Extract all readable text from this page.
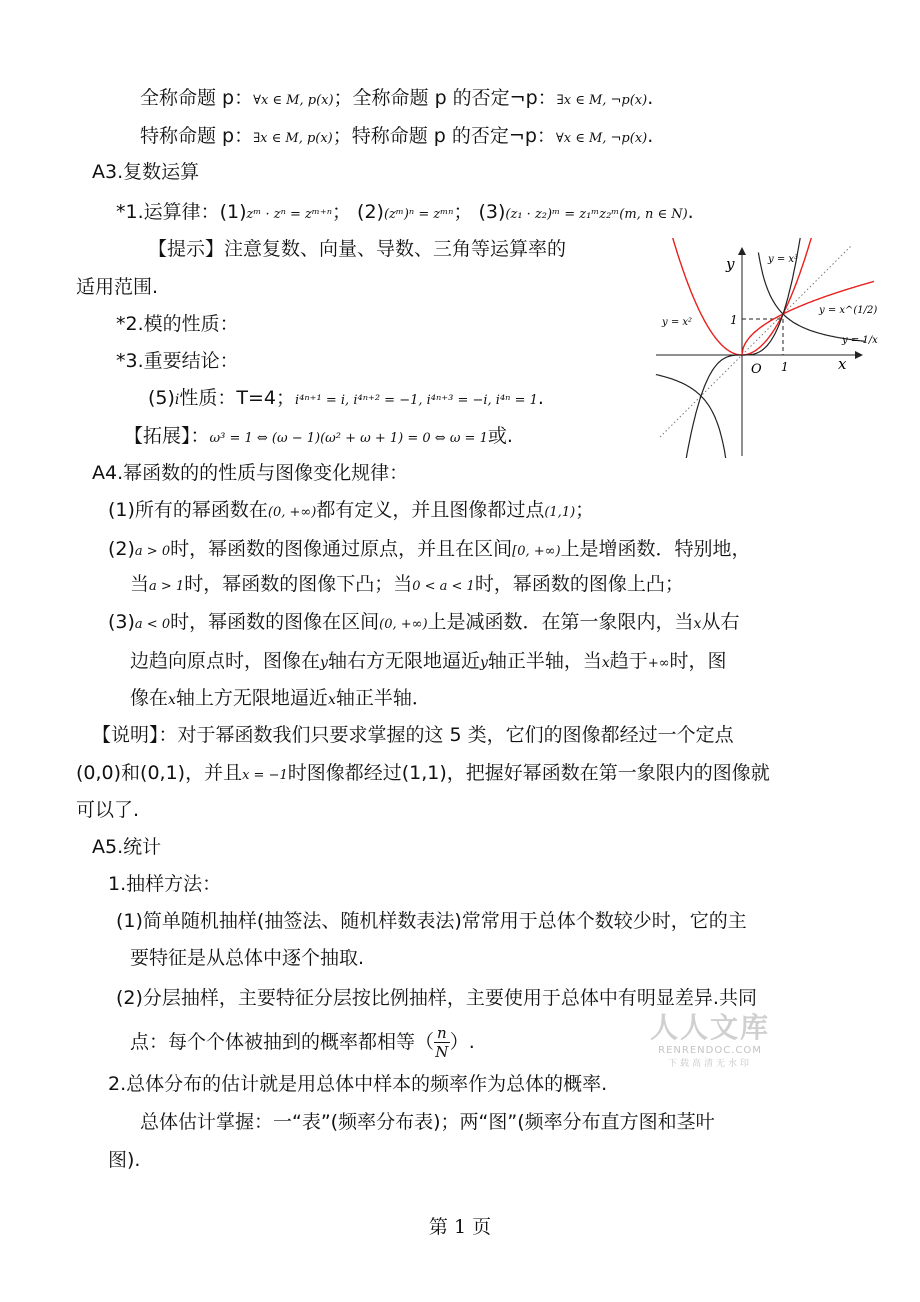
全称命题 p：∀x ∈ M, p(x)；全称命题 p 的否定¬p：∃x ∈ M, ¬p(x).
特称命题 p：∃x ∈ M, p(x)；特称命题 p 的否定¬p：∀x ∈ M, ¬p(x).
A3.复数运算
*1.运算律：(1)zᵐ · zⁿ = zᵐ⁺ⁿ； (2)(zᵐ)ⁿ = zᵐⁿ； (3)(z₁ · z₂)ᵐ = z₁ᵐz₂ᵐ(m, n ∈ N).
【提示】注意复数、向量、导数、三角等运算率的
适用范围.
*2.模的性质：
*3.重要结论：
(5)i性质：T=4；i⁴ⁿ⁺¹ = i, i⁴ⁿ⁺² = −1, i⁴ⁿ⁺³ = −i, i⁴ⁿ = 1.
【拓展】：ω³ = 1 ⇔ (ω − 1)(ω² + ω + 1) = 0 ⇔ ω = 1或.
A4.幂函数的的性质与图像变化规律：
(1)所有的幂函数在(0, +∞)都有定义，并且图像都过点(1,1)；
(2)a > 0时，幂函数的图像通过原点，并且在区间[0, +∞)上是增函数．特别地，
当a > 1时，幂函数的图像下凸；当0 < a < 1时，幂函数的图像上凸；
(3)a < 0时，幂函数的图像在区间(0, +∞)上是减函数．在第一象限内，当x从右
边趋向原点时，图像在y轴右方无限地逼近y轴正半轴，当x趋于+∞时，图
像在x轴上方无限地逼近x轴正半轴．
【说明】：对于幂函数我们只要求掌握的这 5 类，它们的图像都经过一个定点
(0,0)和(0,1)，并且x = −1时图像都经过(1,1)，把握好幂函数在第一象限内的图像就
可以了.
A5.统计
1.抽样方法：
(1)简单随机抽样(抽签法、随机样数表法)常常用于总体个数较少时，它的主
要特征是从总体中逐个抽取.
(2)分层抽样，主要特征分层按比例抽样，主要使用于总体中有明显差异.共同
点：每个个体被抽到的概率都相等（ $\frac{n}{N}$ ）.
2.总体分布的估计就是用总体中样本的频率作为总体的概率.
总体估计掌握：一“表”(频率分布表)；两“图”(频率分布直方图和茎叶
图).
y
x
O 1
1
y = x³
y = x²
y = x^(1/2)
y = 1/x
人人文库
RENRENDOC.COM
下载高清无水印
第 1 页
